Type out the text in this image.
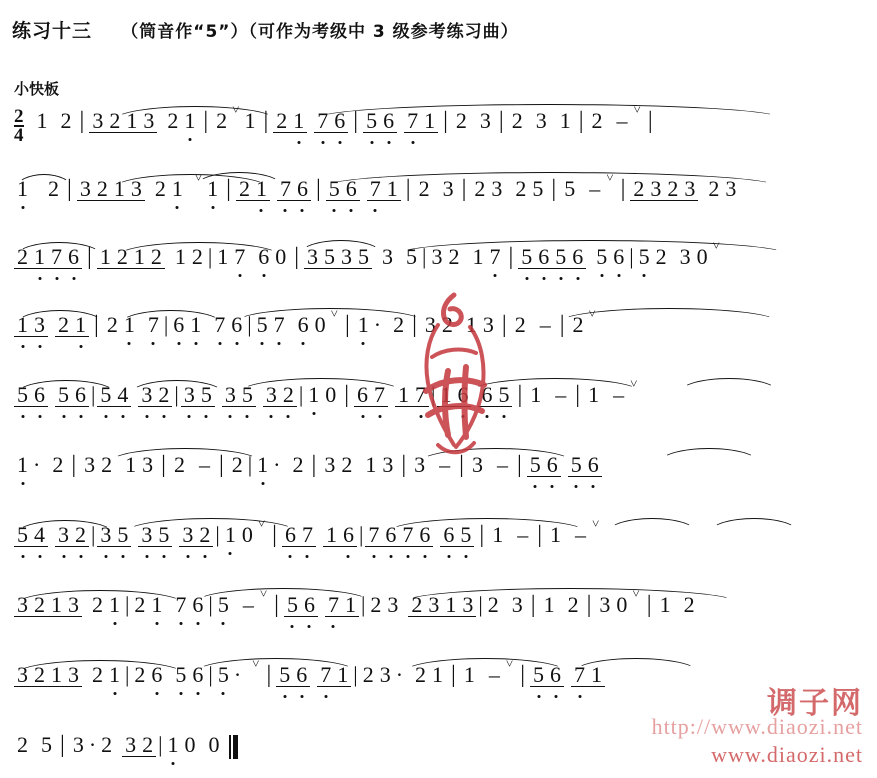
练习十三 （筒音作“5”）（可作为考级中 3 级参考练习曲）
小快板
$\frac{2}{4} 1$ 2 | 3 2 1 3 2 1 | 2 ˅ 1 | 2 1 7 6 | 5 6 7 1 | 2 3 | 2 3 1 | 2 – ˅ |
1 2 | 3 2 1 3 2 1 ˅ 1 | 2 1 7 6 | 5 6 7 1 | 2 3 | 2 3 2 5 | 5 – ˅ | 2 3 2 3 2 3
2 1 7 6 | 1 2 1 2 1 2 | 1 7 6 0 | 3 5 3 5 3 5 | 3 2 1 7 | 5 6 5 6 5 6 | 5 2 3 0 ˅
1 3 2 1 | 2 1 7 | 6 1 7 6 | 5 7 6 0 ˅ | 1 · 2 | 3 2 1 3 | 2 – | 2 ˅
5 6 5 6 | 5 4 3 2 | 3 5 3 5 3 2 | 1 0 | 6 7 1 7 | 1 6 6 5 | 1 – | 1 – ˅
1 · 2 | 3 2 1 3 | 2 – | 2 | 1 · 2 | 3 2 1 3 | 3 – | 3 – | 5 6 5 6
5 4 3 2 | 3 5 3 5 3 2 | 1 0 ˅ | 6 7 1 6 | 7 6 7 6 6 5 | 1 – | 1 – ˅
3 2 1 3 2 1 | 2 1 7 6 | 5 – ˅ | 5 6 7 1 | 2 3 2 3 1 3 | 2 3 | 1 2 | 3 0 ˅ | 1 2
3 2 1 3 2 1 | 2 6 5 6 | 5 · ˅ | 5 6 7 1 | 2 3 · 2 1 | 1 – ˅ | 5 6 7 1
2 5 | 3 · 2 3 2 | 1 0 0
http://www.diaozi.net
调子网
www.diaozi.net
